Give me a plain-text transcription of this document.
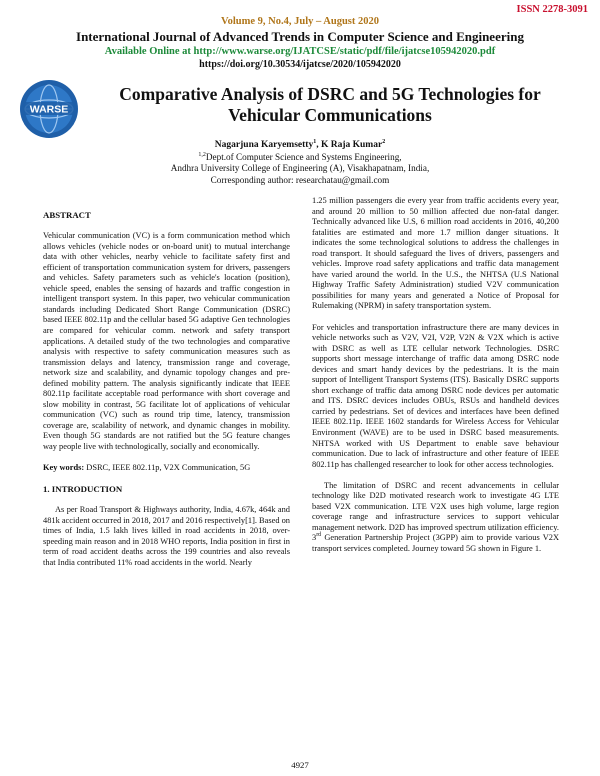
ISSN 2278-3091
Volume 9, No.4, July – August 2020
International Journal of Advanced Trends in Computer Science and Engineering
Available Online at http://www.warse.org/IJATCSE/static/pdf/file/ijatcse105942020.pdf
https://doi.org/10.30534/ijatcse/2020/105942020
WARSE
Comparative Analysis of DSRC and 5G Technologies for
Vehicular Communications
Nagarjuna Karyemsetty$^1$, K Raja Kumar$^2$
$^{1,2}$Dept.of Computer Science and Systems Engineering,
Andhra University College of Engineering (A), Visakhapatnam, India,
Corresponding author: researchatau@gmail.com

ABSTRACT

Vehicular communication (VC) is a form communication method which allows vehicles (vehicle nodes or on-board unit) to mutual interchange data with other vehicles, nearby vehicle to facilitate safety first and efficient of transportation communication system for drivers, passengers and vehicles. Safety parameters such as vehicle's location (position), vehicle speed, enables the sensing of hazards and traffic congestion in intelligent transport system. In this paper, two vehicular communication standards including Dedicated Short Range Communication (DSRC) based IEEE 802.11p and the cellular based 5G adaptive Gen technologies are compared for vehicular comm. network and safety transport applications. A detailed study of the two technologies and comparative analysis with respective to safety communication measures such as transmission delays and latency, transmission range and coverage, network size and scalability, and dynamic topology changes and pre-defined mobility pattern. The analysis significantly indicate that IEEE 802.11p facilitate acceptable road performance with short coverage and slow mobility in contrast, 5G facilitate lot of applications of vehicular communication (VC) such as round trip time, latency, transmission coverage are, scalability of network, and dynamic changes in mobility. Even though 5G standards are not ratified but the 5G feature changes way people live with technologically, socially and economically.

Key words: DSRC, IEEE 802.11p, V2X Communication, 5G

1. INTRODUCTION

As per Road Transport & Highways authority, India, 4.67k, 464k and 481k accident occurred in 2018, 2017 and 2016 respectively[1]. Based on times of India, 1.5 lakh lives killed in road accidents in 2018, over-speeding main reason and in 2018 WHO reports, India position in first in term of road accident deaths across the 199 countries and also reveals that India contributed 11% road accidents in the world. Nearly

1.25 million passengers die every year from traffic accidents every year, and around 20 million to 50 million affected due non-fatal danger. Technically advanced like U.S, 6 million road accidents in 2016, 40,200 fatalities are estimated and more 1.7 million danger situations. It indicates the some technological solutions to address the challenges in road transport. It should safeguard the lives of drivers, passengers and vehicles. Improve road safety applications and traffic data management have varied around the world. In the U.S., the NHTSA (U.S National Highway Traffic Safety Administration) studied V2V communication possibilities for many years and generated a Notice of Proposal for Rulemaking (NPRM) in safety transportation system.

For vehicles and transportation infrastructure there are many devices in vehicle networks such as V2V, V2I, V2P, V2N & V2X which is active with DSRC as well as LTE cellular network Technologies. DSRC supports short message interchange of traffic data among DSRC node devices and smart handy devices by the pedestrians. It is the main support of Intelligent Transport Systems (ITS). Basically DSRC supports short exchange of traffic data among DSRC node devices per automatic and ITS. DSRC devices includes OBUs, RSUs and handheld devices carried by pedestrians. Set of devices and interfaces have been defined IEEE 802.11p. IEEE 1602 standards for Wireless Access for Vehicular Environment (WAVE) are to be used in DSRC based measurements. NHTSA worked with US Department to enable save behaviour communication. Due to lack of infrastructure and other feature of IEEE 802.11p has challenged researcher to look for other access technologies.

The limitation of DSRC and recent advancements in cellular technology like D2D motivated research work to investigate 4G LTE based V2X communication. LTE V2X uses high volume, large region coverage range and infrastructure services to support vehicular management network. D2D has improved spectrum utilization efficiency. 3rd Generation Partnership Project (3GPP) aim to provide various V2X transport services completed. Journey toward 5G shown in Figure 1.

4927
